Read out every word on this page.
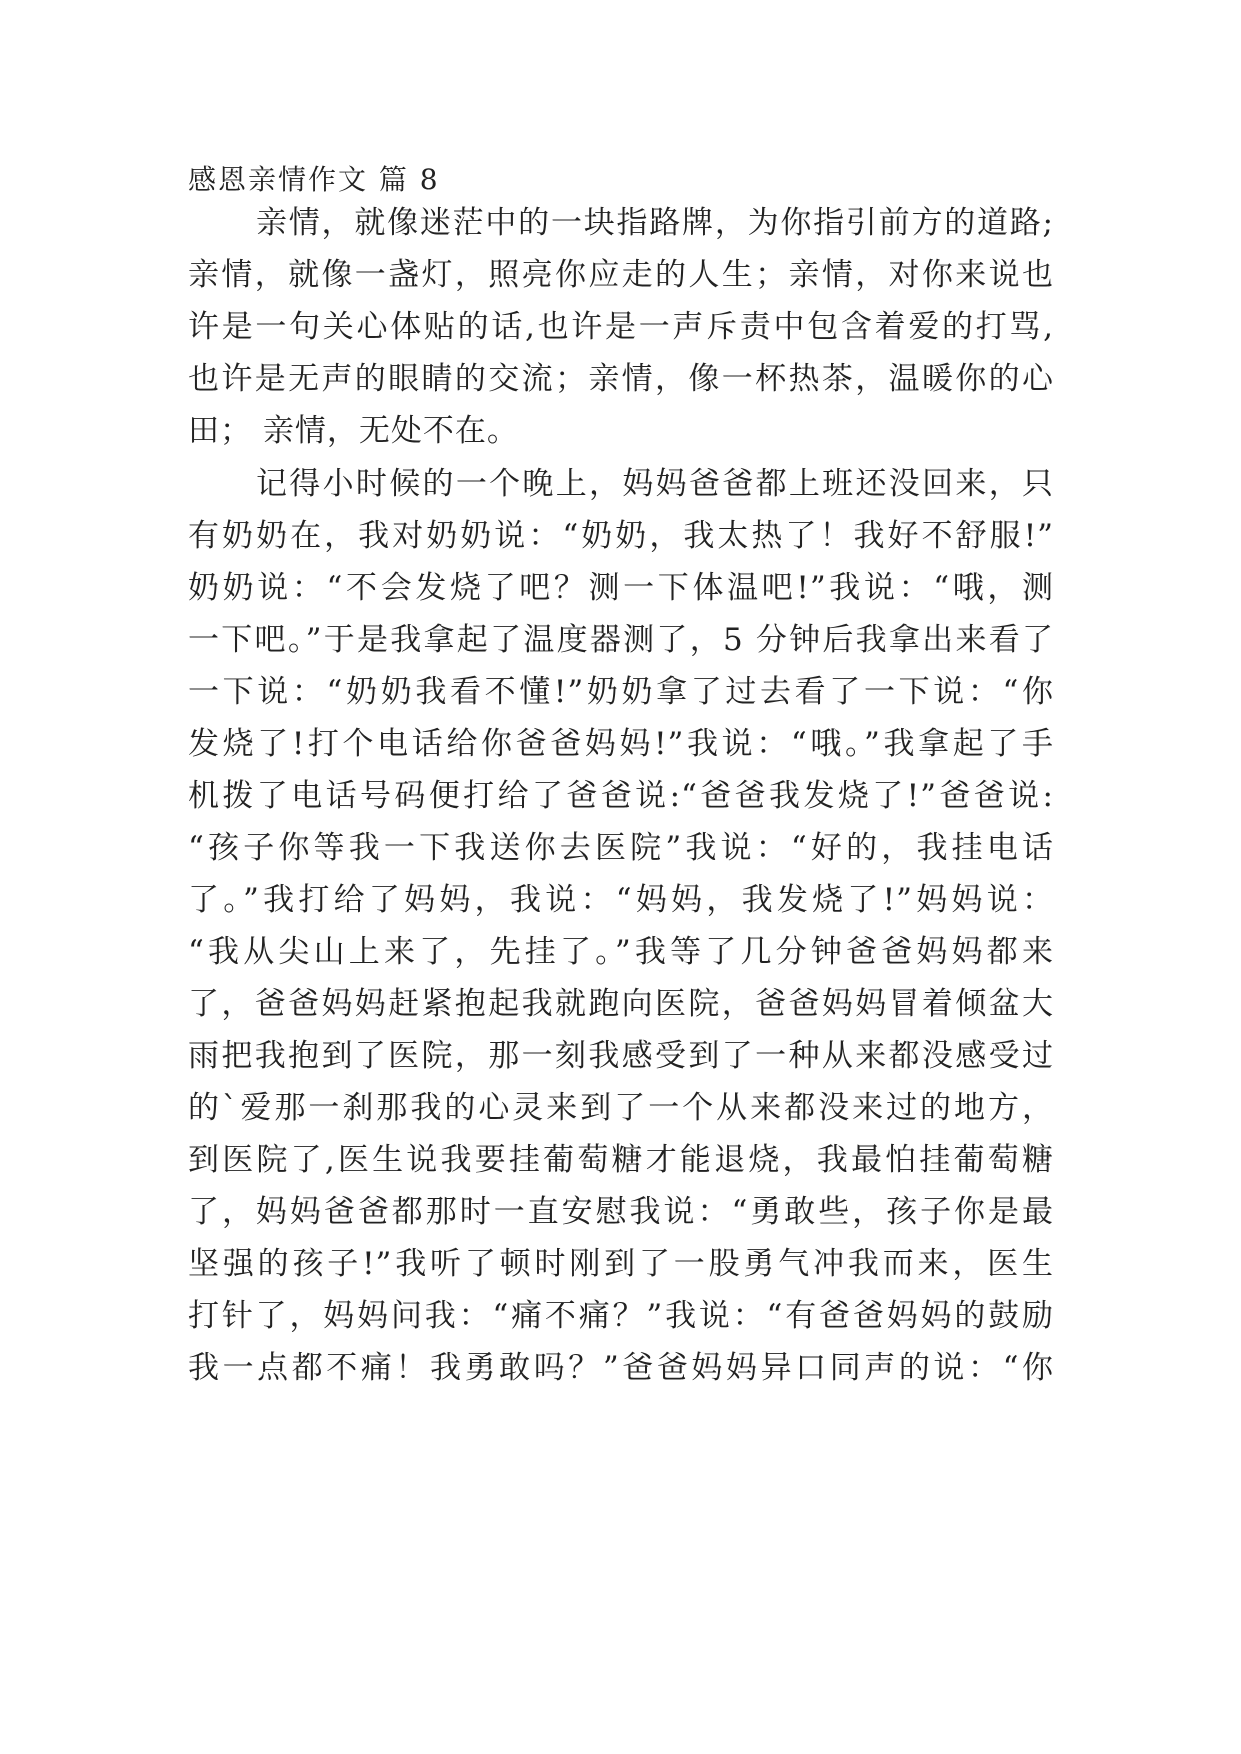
感恩亲情作文 篇 8
亲情，就像迷茫中的一块指路牌，为你指引前方的道路;
亲情，就像一盏灯，照亮你应走的人生；亲情，对你来说也
许是一句关心体贴的话,也许是一声斥责中包含着爱的打骂,
也许是无声的眼睛的交流；亲情，像一杯热茶，温暖你的心
田； 亲情，无处不在。
记得小时候的一个晚上，妈妈爸爸都上班还没回来，只
有奶奶在，我对奶奶说：“奶奶，我太热了！我好不舒服!”
奶奶说：“不会发烧了吧？测一下体温吧!”我说：“哦，测
一下吧。”于是我拿起了温度器测了，5 分钟后我拿出来看了
一下说：“奶奶我看不懂!”奶奶拿了过去看了一下说：“你
发烧了!打个电话给你爸爸妈妈!”我说：“哦。”我拿起了手
机拨了电话号码便打给了爸爸说:“爸爸我发烧了!”爸爸说:
“孩子你等我一下我送你去医院”我说：“好的，我挂电话
了。”我打给了妈妈，我说：“妈妈，我发烧了!”妈妈说：
“我从尖山上来了，先挂了。”我等了几分钟爸爸妈妈都来
了，爸爸妈妈赶紧抱起我就跑向医院，爸爸妈妈冒着倾盆大
雨把我抱到了医院，那一刻我感受到了一种从来都没感受过
的`爱那一刹那我的心灵来到了一个从来都没来过的地方，
到医院了,医生说我要挂葡萄糖才能退烧，我最怕挂葡萄糖
了，妈妈爸爸都那时一直安慰我说：“勇敢些，孩子你是最
坚强的孩子!”我听了顿时刚到了一股勇气冲我而来，医生
打针了，妈妈问我：“痛不痛？”我说：“有爸爸妈妈的鼓励
我一点都不痛！我勇敢吗？”爸爸妈妈异口同声的说：“你
